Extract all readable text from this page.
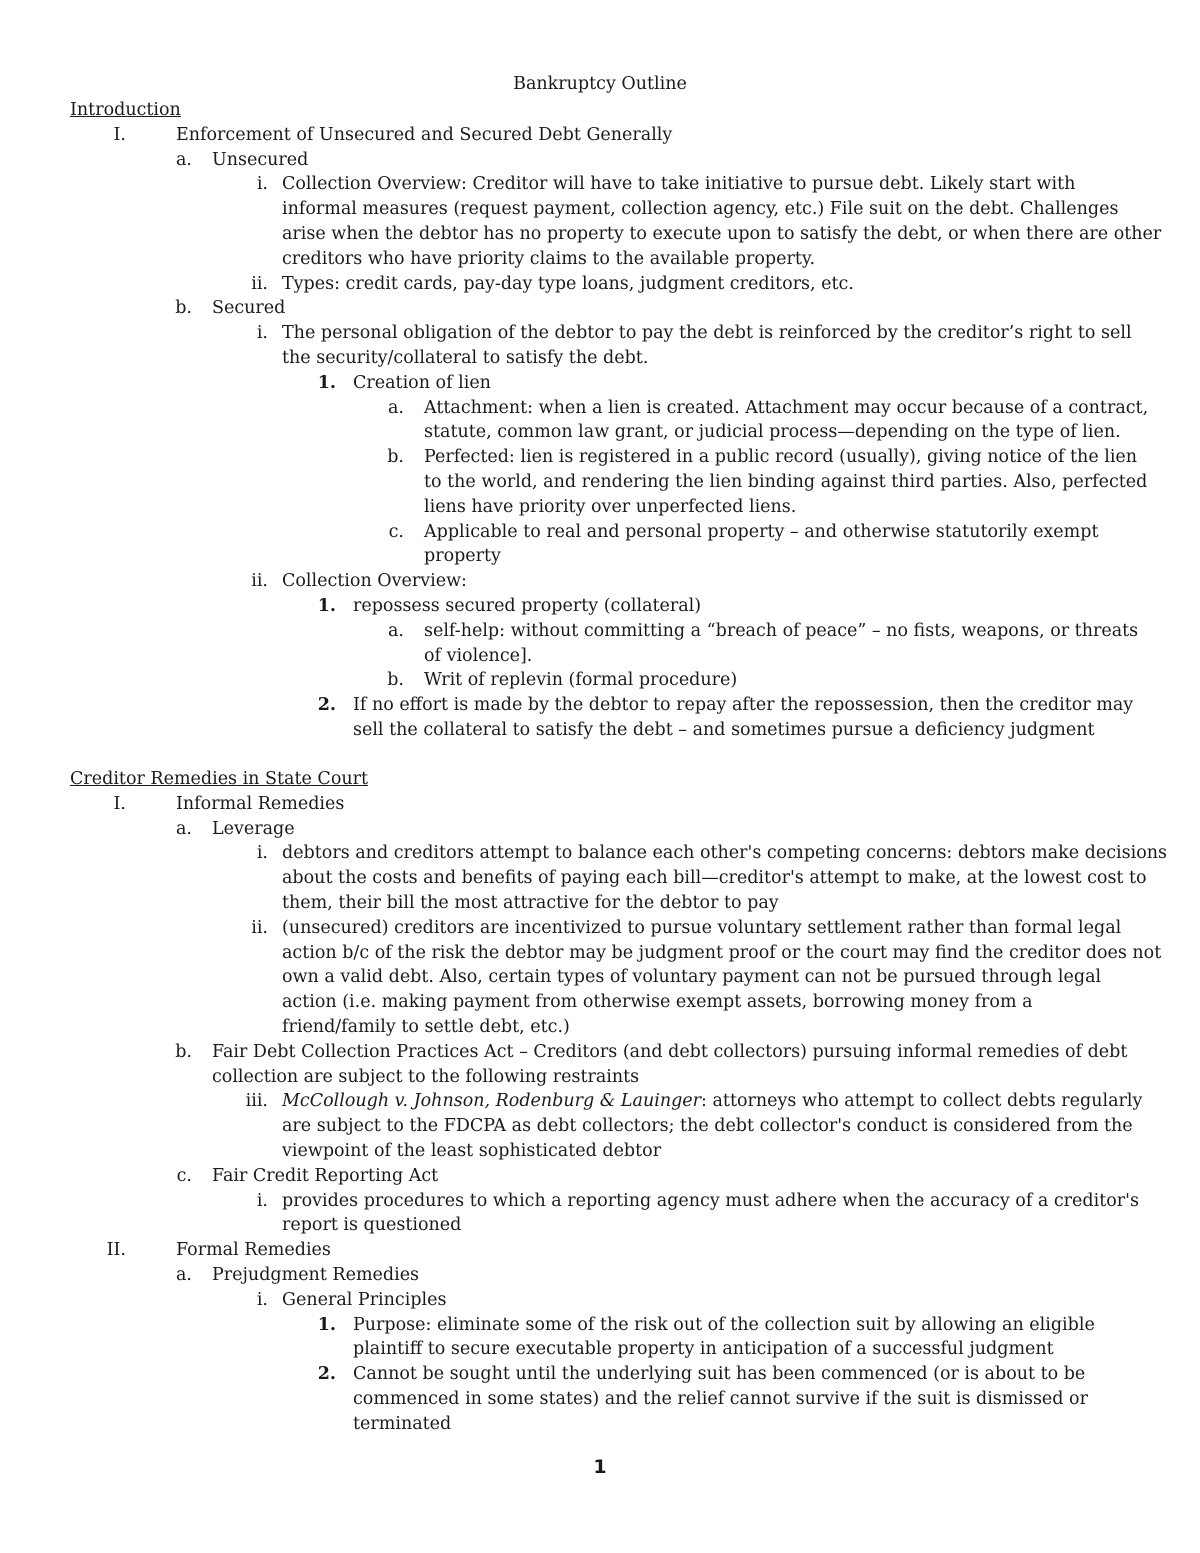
Bankruptcy Outline
Introduction
I.	Enforcement of Unsecured and Secured Debt Generally
a. Unsecured
i. Collection Overview: Creditor will have to take initiative to pursue debt. Likely start with
informal measures (request payment, collection agency, etc.) File suit on the debt. Challenges
arise when the debtor has no property to execute upon to satisfy the debt, or when there are other
creditors who have priority claims to the available property.
ii. Types: credit cards, pay-day type loans, judgment creditors, etc.
b. Secured
i. The personal obligation of the debtor to pay the debt is reinforced by the creditor’s right to sell
the security/collateral to satisfy the debt.
1. Creation of lien
a. Attachment: when a lien is created. Attachment may occur because of a contract,
statute, common law grant, or judicial process—depending on the type of lien.
b. Perfected: lien is registered in a public record (usually), giving notice of the lien
to the world, and rendering the lien binding against third parties. Also, perfected
liens have priority over unperfected liens.
c. Applicable to real and personal property – and otherwise statutorily exempt
property
ii. Collection Overview:
1. repossess secured property (collateral)
a. self-help: without committing a “breach of peace” – no fists, weapons, or threats
of violence].
b. Writ of replevin (formal procedure)
2. If no effort is made by the debtor to repay after the repossession, then the creditor may
sell the collateral to satisfy the debt – and sometimes pursue a deficiency judgment
Creditor Remedies in State Court
I.	Informal Remedies
a. Leverage
i. debtors and creditors attempt to balance each other's competing concerns: debtors make decisions
about the costs and benefits of paying each bill—creditor's attempt to make, at the lowest cost to
them, their bill the most attractive for the debtor to pay
ii. (unsecured) creditors are incentivized to pursue voluntary settlement rather than formal legal
action b/c of the risk the debtor may be judgment proof or the court may find the creditor does not
own a valid debt. Also, certain types of voluntary payment can not be pursued through legal
action (i.e. making payment from otherwise exempt assets, borrowing money from a
friend/family to settle debt, etc.)
b. Fair Debt Collection Practices Act – Creditors (and debt collectors) pursuing informal remedies of debt
collection are subject to the following restraints
iii. McCollough v. Johnson, Rodenburg & Lauinger: attorneys who attempt to collect debts regularly
are subject to the FDCPA as debt collectors; the debt collector's conduct is considered from the
viewpoint of the least sophisticated debtor
c. Fair Credit Reporting Act
i. provides procedures to which a reporting agency must adhere when the accuracy of a creditor's
report is questioned
II.	Formal Remedies
a. Prejudgment Remedies
i. General Principles
1. Purpose: eliminate some of the risk out of the collection suit by allowing an eligible
plaintiff to secure executable property in anticipation of a successful judgment
2. Cannot be sought until the underlying suit has been commenced (or is about to be
commenced in some states) and the relief cannot survive if the suit is dismissed or
terminated
1
